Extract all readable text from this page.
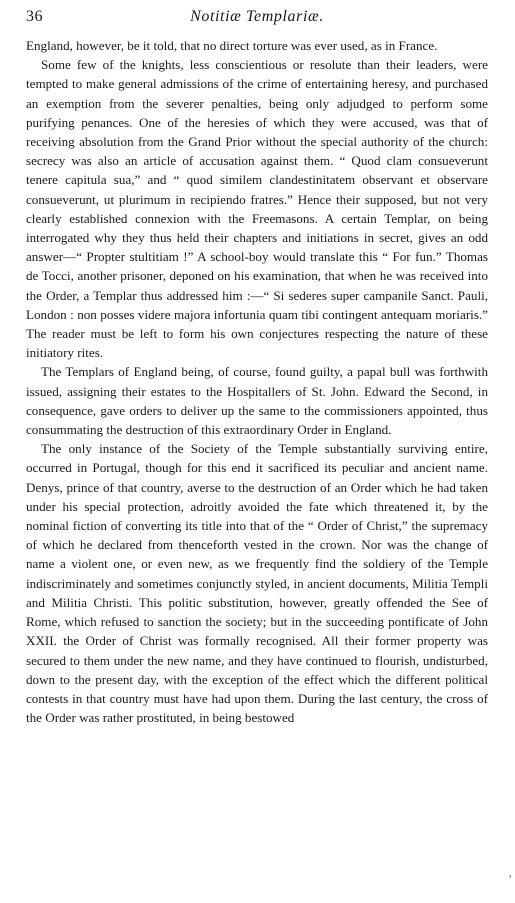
36	Notitiæ Templariæ.

England, however, be it told, that no direct torture was ever used, as in France.

Some few of the knights, less conscientious or resolute than their leaders, were tempted to make general admissions of the crime of entertaining heresy, and purchased an exemption from the severer penalties, being only adjudged to perform some purifying penances. One of the heresies of which they were accused, was that of receiving absolution from the Grand Prior without the special authority of the church: secrecy was also an article of accusation against them. “ Quod clam consueverunt tenere capitula sua,” and “ quod similem clandestinitatem observant et observare consueverunt, ut plurimum in recipiendo fratres.” Hence their supposed, but not very clearly established connexion with the Freemasons. A certain Templar, on being interrogated why they thus held their chapters and initiations in secret, gives an odd answer—“ Propter stultitiam !” A school-boy would translate this “ For fun.” Thomas de Tocci, another prisoner, deponed on his examination, that when he was received into the Order, a Templar thus addressed him :—“ Si sederes super campanile Sanct. Pauli, London : non posses videre majora infortunia quam tibi contingent antequam moriaris.” The reader must be left to form his own conjectures respecting the nature of these initiatory rites.

The Templars of England being, of course, found guilty, a papal bull was forthwith issued, assigning their estates to the Hospitallers of St. John. Edward the Second, in consequence, gave orders to deliver up the same to the commissioners appointed, thus consummating the destruction of this extraordinary Order in England.

The only instance of the Society of the Temple substantially surviving entire, occurred in Portugal, though for this end it sacrificed its peculiar and ancient name. Denys, prince of that country, averse to the destruction of an Order which he had taken under his special protection, adroitly avoided the fate which threatened it, by the nominal fiction of converting its title into that of the “ Order of Christ,” the supremacy of which he declared from thenceforth vested in the crown. Nor was the change of name a violent one, or even new, as we frequently find the soldiery of the Temple indiscriminately and sometimes conjunctly styled, in ancient documents, Militia Templi and Militia Christi. This politic substitution, however, greatly offended the See of Rome, which refused to sanction the society; but in the succeeding pontificate of John XXII. the Order of Christ was formally recognised. All their former property was secured to them under the new name, and they have continued to flourish, undisturbed, down to the present day, with the exception of the effect which the different political contests in that country must have had upon them. During the last century, the cross of the Order was rather prostituted, in being bestowed

‘
